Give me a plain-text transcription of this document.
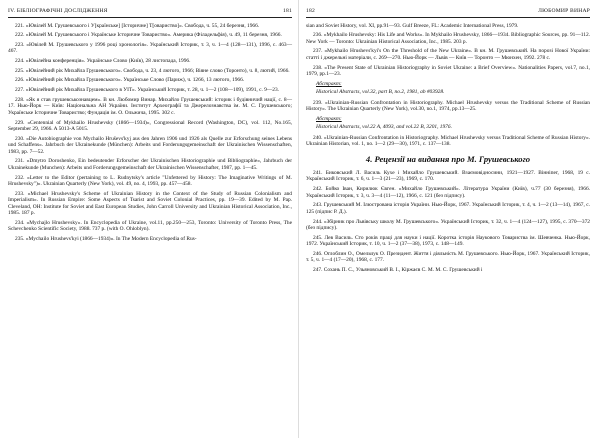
IV. БІБЛІОГРАФІЧНІ ДОСЛІДЖЕННЯ	181

221. «Ювілей М. Грушевського і У[країнське] [Історичне] Т[овариство]». Свобода, ч. 55, 24 березня, 1966.

222. «Ювілей М. Грушевського і Українське Історичне Товариство». Америка (Філадельфія), ч. 49, 11 березня, 1966.

223. «Ювілей М. Грушевського у 1996 році хронологія». Український Історик, т. 3, ч. 1—4 (128—131), 1996, с. 463—467.

224. «Ювілейна конференція». Українське Слово (Київ), 28 листопада, 1996.

225. «Ювілейний рік Михайла Грушевського». Свобода, ч. 23, 4 лютого, 1966; Віяне слово (Торонто), ч. 8, лютий, 1966.

226. «Ювілейний рік Михайла Грушевського». Українське Слово (Париж), ч. 1266, 13 лютого, 1966.

227. «Ювілейний рік Михайла Грушевського в УІТ». Український Історик, т. 28, ч. 1—2 (108—109), 1991, с. 9—23.

228. «Як я став грушевськознавцем». В кн. Любомир Винар. Михайло Грушевський: історик і будівничий нації, с. 8—17. Нью-Йорк — Київ: Національна АН України. Інститут Археографії та Джерелознавства ім. М. С. Грушевського; Українське Історичне Товариство; Фундація ім. О. Ольжича, 1995. 302 с.

229. «Centennial of Mykhailo Hrushevsky (1866—1934)», Congressional Record (Washington, DC), vol. 112, No.165, September 29, 1966. A 5013-A 5015.

230. «Die Autobiographie von Mychailo Hruševs'kyj aus den Jahren 1906 und 1926 als Quelle zur Erforschung seines Lebens und Schaffens». Jahrbuch der Ukrainekunde (München): Arbeits und Forderungsgemeinschaft der Ukrainischen Wissenschaften, 1983, pp. 7—52.

231. «Dmytro Doroshenko, Ein bedeutender Erforscher der Ukrainischen Historiographie und Bibliographie», Jahrbuch der Ukrainekunde (Munchen): Arbeits und Forderungsgemeinschaft der Ukrainischen Wissenschafter, 1987, pp. 1—45.

232. «Letter to the Editor (pertaining to L. Rudnytsky's article "Unfettered by History: The Imaginative Writings of M. Hrushevsky")». Ukrainian Quarterly (New York), vol. 49, no. 4, 1993, pp. 457—458.

233. «Michael Hrushevsky's Scheme of Ukrainian History in the Context of the Study of Russian Colonialism and Imperialism». In Russian Empire: Some Aspects of Tsarist and Soviet Colonial Practices, pp. 19—39. Edited by M. Pap. Cleveland, OH: Institute for Soviet and East European Studies, John Carroll University and Ukrainian Historical Association, Inc., 1985. 187 p.

234. «Mychajlo Hrushevsky». In Encyclopedia of Ukraine, vol.11, pp.250—253, Toronto: University of Toronto Press, The Schevchenko Scientific Society, 1988. 737 p. (with O. Ohloblyn).

235. «Mychailo Hrushevs'kyi (1866—1934)». In The Modern Encyclopedia of Rus-

182	ЛЮБОМИР ВИНАР

sian and Soviet History, vol. XI, pp.91—93. Gulf Breeze, FL: Academic International Press, 1979.

236. «Mykhailo Hrushevsky: His Life and Works». In Mykhailo Hrushevsky, 1866—1934. Bibliographic Sources, pp. 91—112. New York — Toronto: Ukrainian Historical Association, Inc., 1985. 203 p.

237. «Mykhailo Hrushevs'kyi's On the Threshold of the New Ukraine». В кн. М. Грушевський. На порозі Нової України: статті і джерельні матеріали, с. 269—270. Нью-Йорк — Львів — Київ — Торонто — Мюнхен, 1992. 278 с.

238. «The Present State of Ukrainian Historiography in Soviet Ukraine: a Brief Overview». Nationalities Papers, vol.7, no.1, 1979, pp.1—23.

Абстракт:

Historical Abstracts, vol.32, part B, no.2, 1981, ab #03928.

239. «Ukrainian-Russian Confrontation in Historiography. Michael Hrushevsky versus the Traditional Scheme of Russian History». The Ukrainian Quarterly (New York), vol.30, no.1, 1974, pp.13—25.

Абстракт:

Historical Abstracts, vol.22 A, 4093, and vol.22 B, 3201, 1976.

240. «Ukrainian-Russian Confrontation in Historiography. Michael Hrushevsky versus Traditional Scheme of Russian History». Ukrainian Historian, vol. 1, no. 1—2 (29—30), 1971, c. 137—138.

4. Рецензії на видання про М. Грушевського

241. Биковський Л. Василь Кухе і Михайло Грушевський. Взаємовідносини, 1921—1927. Вінніпег, 1968, 19 с. Український Історик, т. 6, ч. 1—3 (21—23), 1969, с. 170.

242. Бойко Іван, Кирилюк Євген. «Михайло Грушевський». Література України (Київ), ч.77 (30 березня), 1966. Український Історик, т. 3, ч. 3—4 (11—12), 1966, с. 121 (без підпису).

243. Грушевський М. Ілюстрована історія України. Нью-Йорк, 1967. Український Історик, т. 4, ч. 1—2 (13—14), 1967, с. 125 (підпис Р. Д.).

244. «Збірник про Львівську школу М. Грушевського». Український Історик, т. 32, ч. 1—4 (124—127), 1995, с. 370—372 (без підпису).

245. Лев Василь. Сто років праці для науки і нації. Коротка історія Наукового Товариства ім. Шевченка. Нью-Йорк, 1972. Український Історик, т. 10, ч. 1—2 (37—38), 1973, с. 148—149.

246. Оглоблин О., Омельчук О. Президент. Життя і діяльність М. Грушевського. Нью-Йорк, 1967. Український Історик, т. 5, ч. 1—4 (17—20), 1968, с. 177.

247. Сохань П. С., Ульяновський В. І., Кіржаєв С. М. М. С. Грушевський і
